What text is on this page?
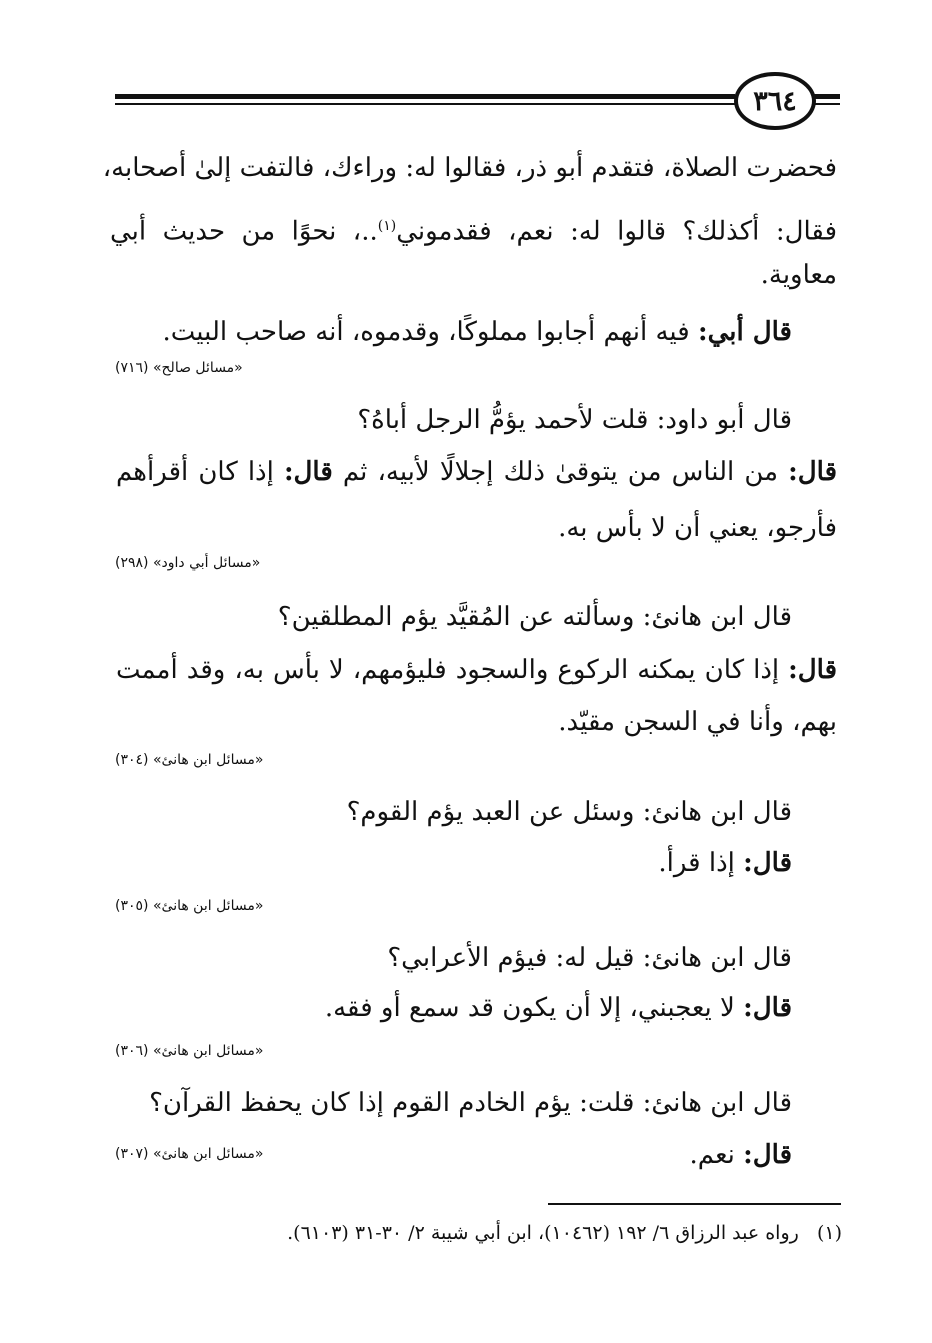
٣٦٤
فحضرت الصلاة، فتقدم أبو ذر، فقالوا له: وراءك، فالتفت إلىٰ أصحابه،
فقال: أكذلك؟ قالوا له: نعم، فقدموني$^{(١)}$..، نحوًا من حديث أبي
معاوية.
قال أبي: فيه أنهم أجابوا مملوكًا، وقدموه، أنه صاحب البيت.
«مسائل صالح» (٧١٦)
قال أبو داود: قلت لأحمد يؤمُّ الرجل أباهُ؟
قال: من الناس من يتوقىٰ ذلك إجلالًا لأبيه، ثم قال: إذا كان أقرأهم
فأرجو، يعني أن لا بأس به.
«مسائل أبي داود» (٢٩٨)
قال ابن هانئ: وسألته عن المُقيَّد يؤم المطلقين؟
قال: إذا كان يمكنه الركوع والسجود فليؤمهم، لا بأس به، وقد أممت
بهم، وأنا في السجن مقيّد.
«مسائل ابن هانئ» (٣٠٤)
قال ابن هانئ: وسئل عن العبد يؤم القوم؟
قال: إذا قرأ.
«مسائل ابن هانئ» (٣٠٥)
قال ابن هانئ: قيل له: فيؤم الأعرابي؟
قال: لا يعجبني، إلا أن يكون قد سمع أو فقه.
«مسائل ابن هانئ» (٣٠٦)
قال ابن هانئ: قلت: يؤم الخادم القوم إذا كان يحفظ القرآن؟
قال: نعم.
«مسائل ابن هانئ» (٣٠٧)
(١)   رواه عبد الرزاق ٦/ ١٩٢ (١٠٤٦٢)، ابن أبي شيبة ٢/ ٣٠-٣١ (٦١٠٣).
